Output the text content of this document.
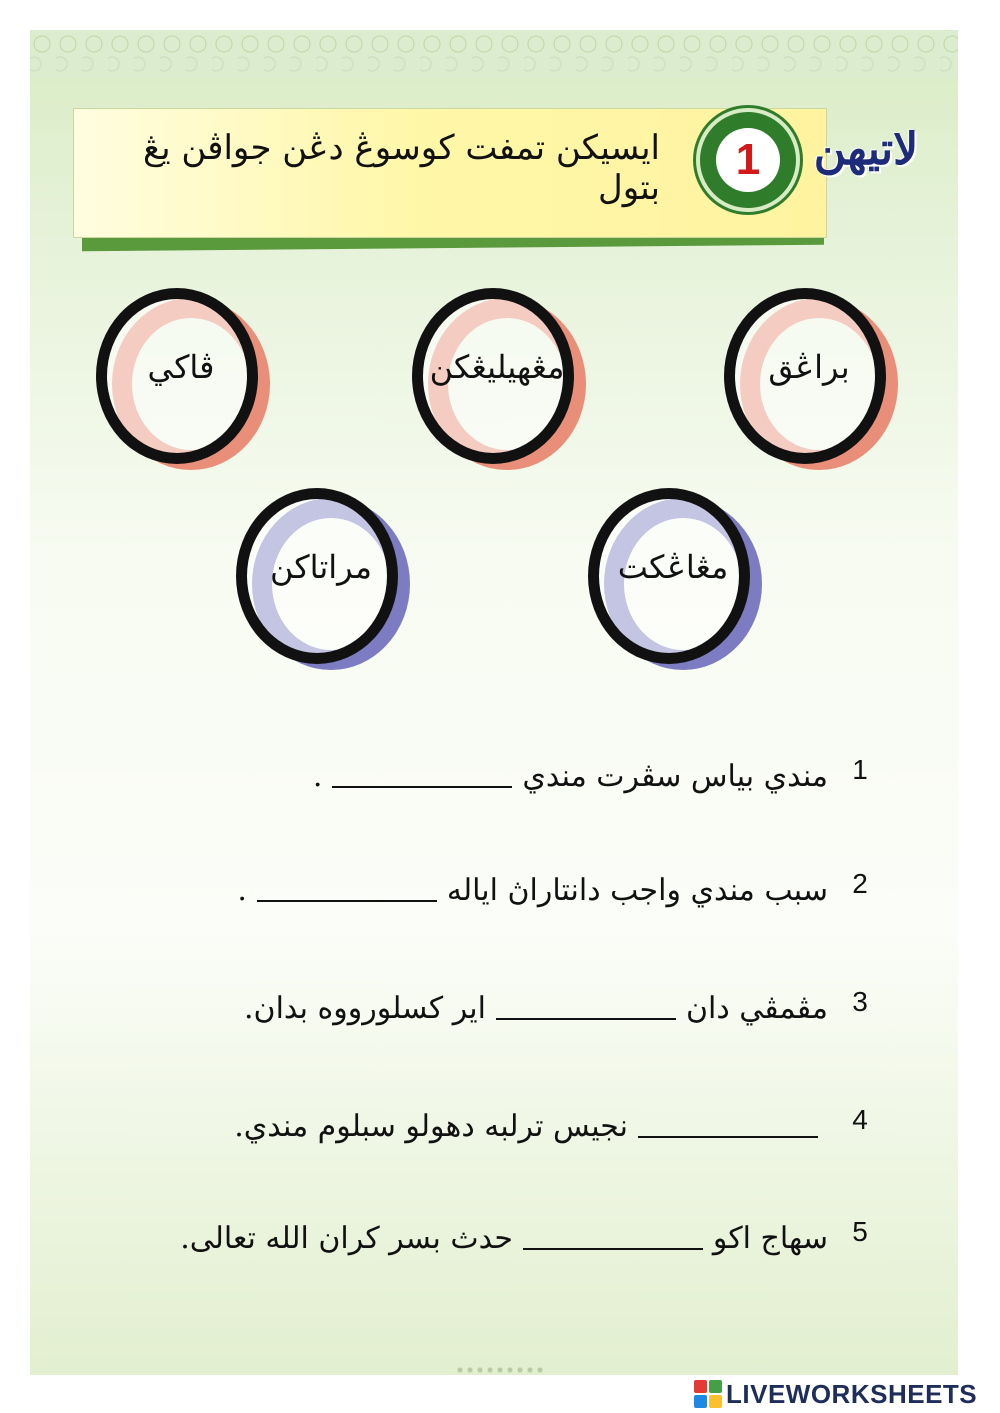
ايسيكن تمفت كوسوڠ دڠن جواڤن يڠ بتول
1	لاتيهن
ڤاكي	مڠهيليڠكن	براڠق
مراتاكن	مڠاڠكت
1
مندي بياس سڤرت مندي
.
2
سبب مندي واجب دانتاراڽ اياله
.
3
مڤمڤي دان
اير كسلورووه بدان.
4
نجيس ترلبه دهولو سبلوم مندي.
5
سهاج اكو
حدث بسر كران الله تعالى.
LIVEWORKSHEETS
